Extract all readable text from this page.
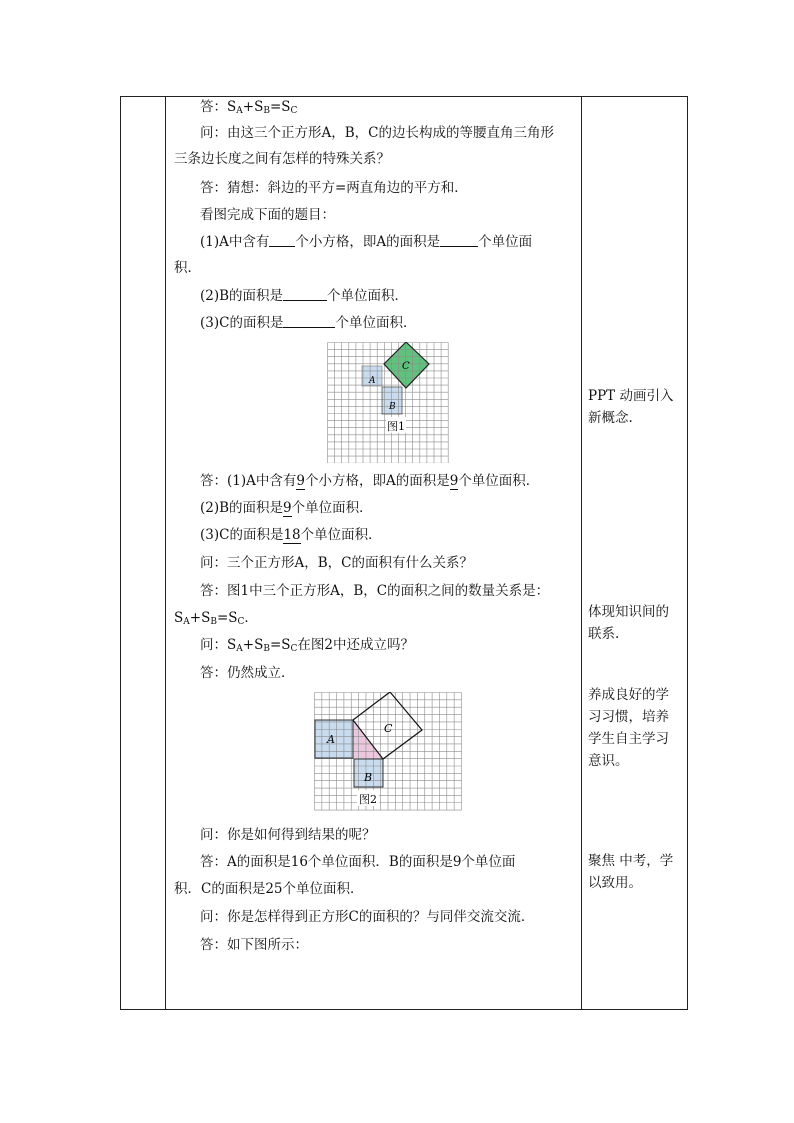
答：$S_A+S_B=S_C$
问：由这三个正方形A，B，C的边长构成的等腰直角三角形
三条边长度之间有怎样的特殊关系？
答：猜想：斜边的平方=两直角边的平方和．
看图完成下面的题目：
(1)A中含有 个小方格，即A的面积是	个单位面
积．
(2)B的面积是	个单位面积．
(3)C的面积是	个单位面积．
图1
A
B
C
答：(1)A中含有9个小方格，即A的面积是9个单位面积．
(2)B的面积是9个单位面积．
(3)C的面积是18个单位面积．
问：三个正方形A，B，C的面积有什么关系？
答：图1中三个正方形A，B，C的面积之间的数量关系是：
$S_A+S_B=S_C$．
问：$S_A+S_B=S_C$在图2中还成立吗？
答：仍然成立．
图2
A
B
C
问：你是如何得到结果的呢？
答：A的面积是16个单位面积．B的面积是9个单位面
积．C的面积是25个单位面积．
问：你是怎样得到正方形C的面积的？与同伴交流交流．
答：如下图所示：
PPT 动画引入
新概念.
体现知识间的
联系.
养成良好的学
习习惯，培养
学生自主学习
意识。
聚焦 中考，学
以致用。
